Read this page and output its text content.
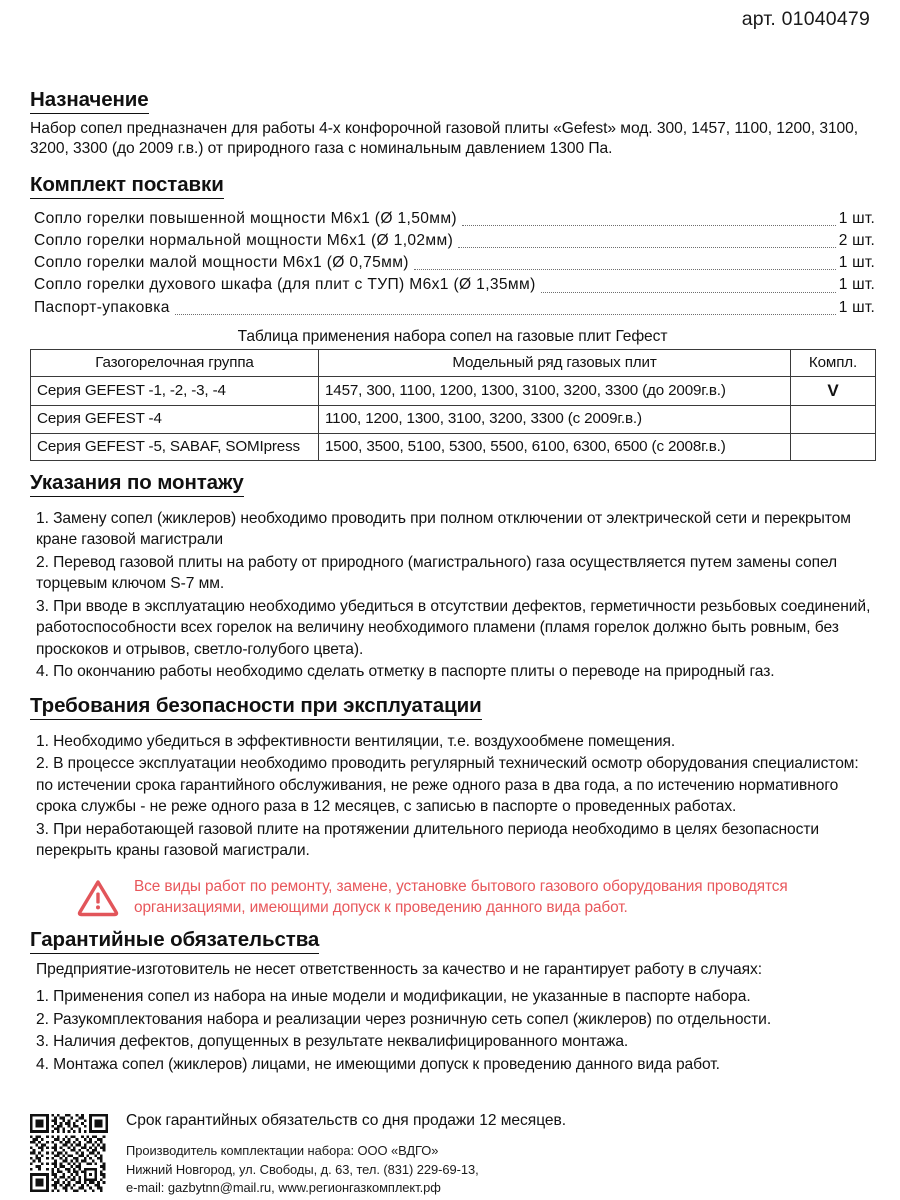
арт. 01040479
Назначение

Набор сопел предназначен для работы 4-х конфорочной газовой плиты «Gefest» мод. 300, 1457, 1100, 1200, 3100, 3200, 3300 (до 2009 г.в.) от природного газа с номинальным давлением 1300 Па.

Комплект поставки
Сопло горелки повышенной мощности М6х1 (Ø 1,50мм)	1 шт.
Сопло горелки нормальной мощности М6х1 (Ø 1,02мм)	2 шт.
Сопло горелки малой мощности М6х1 (Ø 0,75мм)	1 шт.
Сопло горелки духового шкафа (для плит с ТУП) М6х1 (Ø 1,35мм)	1 шт.
Паспорт-упаковка	1 шт.
Таблица применения набора сопел на газовые плит Гефест
Газогорелочная группа	Модельный ряд газовых плит	Компл.
Серия GEFEST -1, -2, -3, -4	1457, 300, 1100, 1200, 1300, 3100, 3200, 3300 (до 2009г.в.)	V
Серия GEFEST -4	1100, 1200, 1300, 3100, 3200, 3300 (с 2009г.в.)	
Серия GEFEST -5, SABAF, SOMIpress	1500, 3500, 5100, 5300, 5500, 6100, 6300, 6500 (с 2008г.в.)	
Указания по монтажу

1. Замену сопел (жиклеров) необходимо проводить при полном отключении от электрической сети и перекрытом кране газовой магистрали

2. Перевод газовой плиты на работу от природного (магистрального) газа осуществляется путем замены сопел торцевым ключом S-7 мм.

3. При вводе в эксплуатацию необходимо убедиться в отсутствии дефектов, герметичности резьбовых соединений, работоспособности всех горелок на величину необходимого пламени (пламя горелок должно быть ровным, без проскоков и отрывов, светло-голубого цвета).

4. По окончанию работы необходимо сделать отметку в паспорте плиты о переводе на природный газ.

Требования безопасности при эксплуатации

1. Необходимо убедиться в эффективности вентиляции, т.е. воздухообмене помещения.

2. В процессе эксплуатации необходимо проводить регулярный технический осмотр оборудования специалистом: по истечении срока гарантийного обслуживания, не реже одного раза в два года, а по истечению нормативного срока службы - не реже одного раза в 12 месяцев, с записью в паспорте о проведенных работах.

3. При неработающей газовой плите на протяжении длительного периода необходимо в целях безопасности перекрыть краны газовой магистрали.

Все виды работ по ремонту, замене, установке бытового газового оборудования проводятся организациями, имеющими допуск к проведению данного вида работ.
Гарантийные обязательства

Предприятие-изготовитель не несет ответственность за качество и не гарантирует работу в случаях:

1. Применения сопел из набора на иные модели и модификации, не указанные в паспорте набора.

2. Разукомплектования набора и реализации через розничную сеть сопел (жиклеров) по отдельности.

3. Наличия дефектов, допущенных в результате неквалифицированного монтажа.

4. Монтажа сопел (жиклеров) лицами, не имеющими допуск к проведению данного вида работ.

Срок гарантийных обязательств со дня продажи 12 месяцев.

Производитель комплектации набора: ООО «ВДГО»

Нижний Новгород, ул. Свободы, д. 63, тел. (831) 229-69-13,

e-mail: gazbytnn@mail.ru, www.регионгазкомплект.рф
